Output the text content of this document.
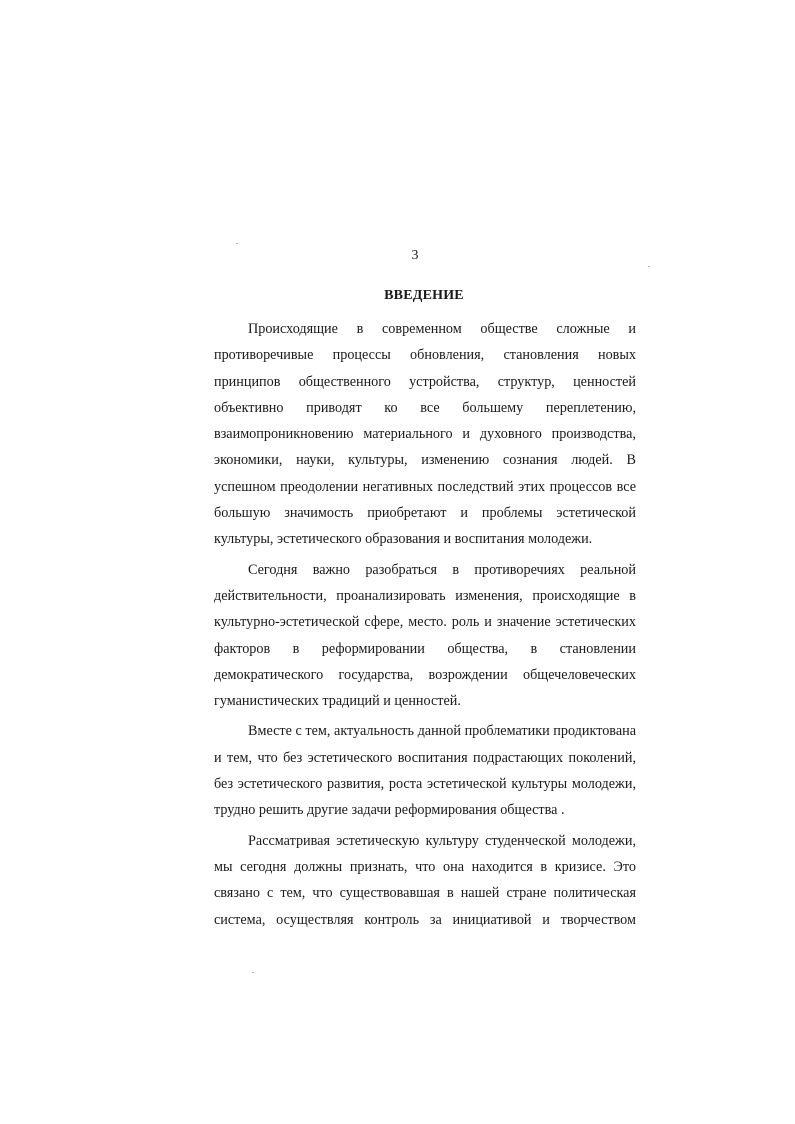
3
ВВЕДЕНИЕ

Происходящие в современном обществе сложные и противоречивые процессы обновления, становления новых принципов общественного устройства, структур, ценностей объективно приводят ко все большему переплетению, взаимопроникновению материального и духовного производства, экономики, науки, культуры, изменению сознания людей. В успешном преодолении негативных последствий этих процессов все большую значимость приобретают и проблемы эстетической культуры, эстетического образования и воспитания молодежи.

Сегодня важно разобраться в противоречиях реальной действительности, проанализировать изменения, происходящие в культурно-эстетической сфере, место. роль и значение эстетических факторов в реформировании общества, в становлении демократического государства, возрождении общечеловеческих гуманистических традиций и ценностей.

Вместе с тем, актуальность данной проблематики продиктована и тем, что без эстетического воспитания подрастающих поколений, без эстетического развития, роста эстетической культуры молодежи, трудно решить другие задачи реформирования общества .

Рассматривая эстетическую культуру студенческой молодежи, мы сегодня должны признать, что она находится в кризисе. Это связано с тем, что существовавшая в нашей стране политическая система, осуществляя контроль за инициативой и творчеством
